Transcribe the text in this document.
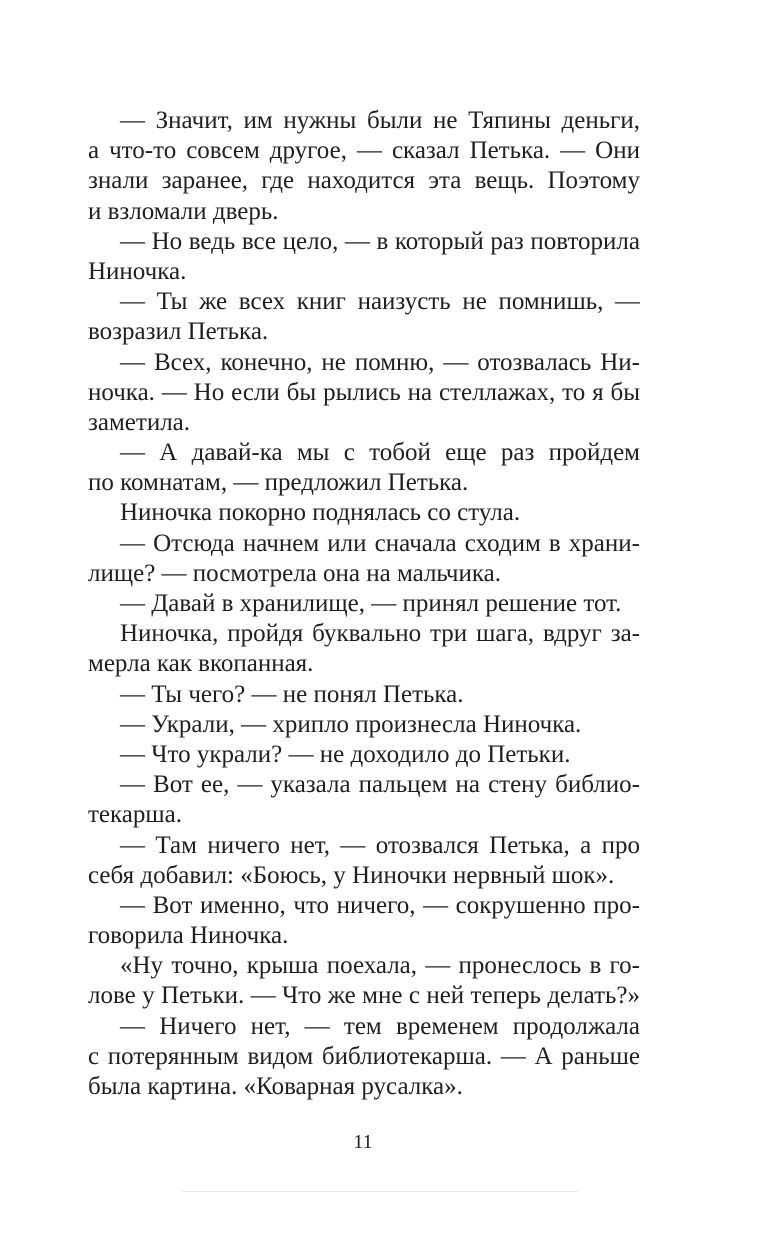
— Значит, им нужны были не Тяпины деньги,
а что-то совсем другое, — сказал Петька. — Они
знали заранее, где находится эта вещь. Поэтому
и взломали дверь.
— Но ведь все цело, — в который раз повторила
Ниночка.
— Ты же всех книг наизусть не помнишь, —
возразил Петька.
— Всех, конечно, не помню, — отозвалась Ни-
ночка. — Но если бы рылись на стеллажах, то я бы
заметила.
— А давай-ка мы с тобой еще раз пройдем
по комнатам, — предложил Петька.
Ниночка покорно поднялась со стула.
— Отсюда начнем или сначала сходим в храни-
лище? — посмотрела она на мальчика.
— Давай в хранилище, — принял решение тот.
Ниночка, пройдя буквально три шага, вдруг за-
мерла как вкопанная.
— Ты чего? — не понял Петька.
— Украли, — хрипло произнесла Ниночка.
— Что украли? — не доходило до Петьки.
— Вот ее, — указала пальцем на стену библио-
текарша.
— Там ничего нет, — отозвался Петька, а про
себя добавил: «Боюсь, у Ниночки нервный шок».
— Вот именно, что ничего, — сокрушенно про-
говорила Ниночка.
«Ну точно, крыша поехала, — пронеслось в го-
лове у Петьки. — Что же мне с ней теперь делать?»
— Ничего нет, — тем временем продолжала
с потерянным видом библиотекарша. — А раньше
была картина. «Коварная русалка».
11
